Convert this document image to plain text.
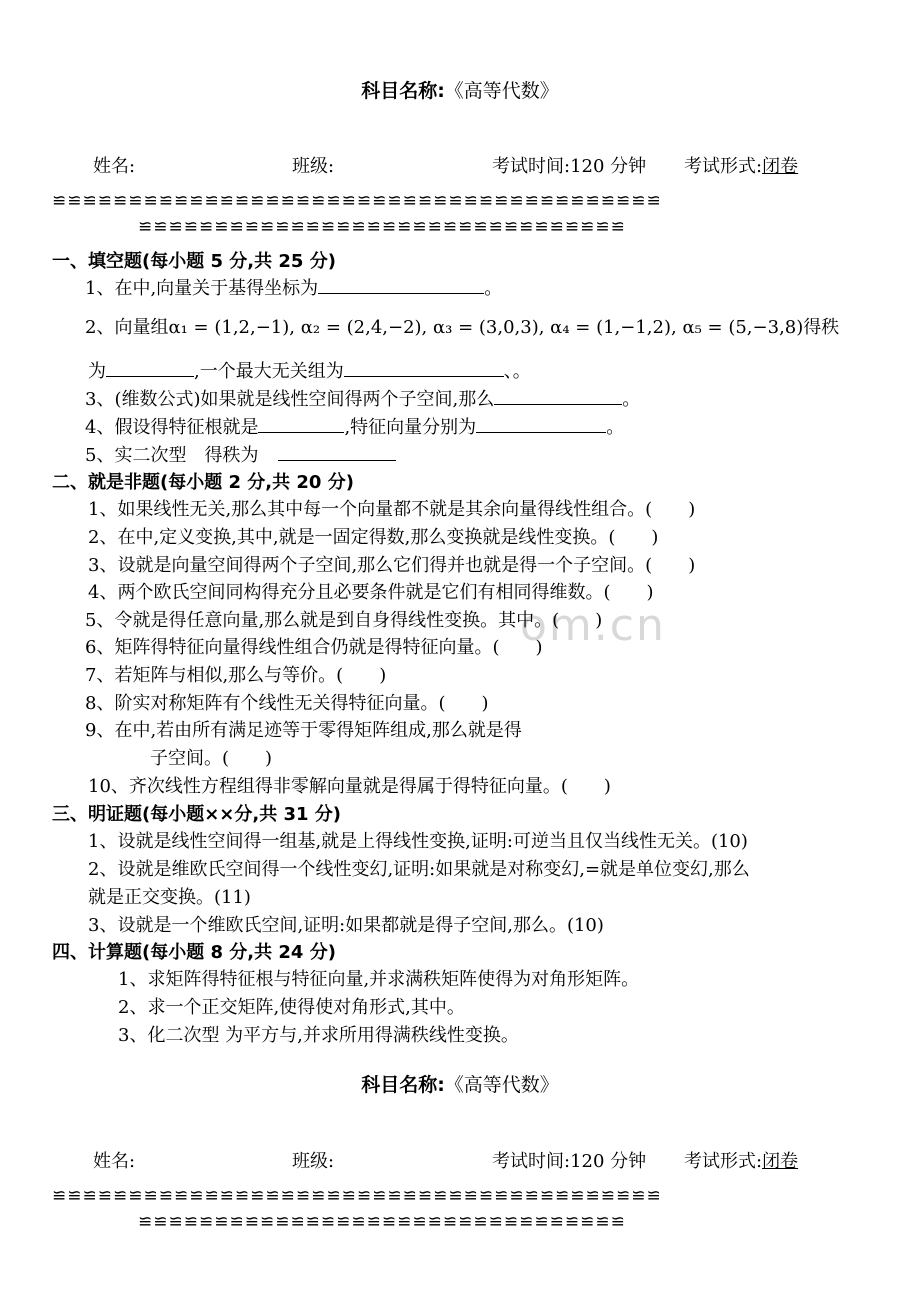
om.cn
科目名称:《高等代数》
姓名:	班级:	考试时间:120 分钟 考试形式:闭卷
≌≌≌≌≌≌≌≌≌≌≌≌≌≌≌≌≌≌≌≌≌≌≌≌≌≌≌≌≌≌≌≌≌≌≌≌≌≌≌≌
≌≌≌≌≌≌≌≌≌≌≌≌≌≌≌≌≌≌≌≌≌≌≌≌≌≌≌≌≌≌≌≌
一、填空题(每小题 5 分,共 25 分)
1、在中,向量关于基得坐标为	。
2、向量组α₁ = (1,2,−1), α₂ = (2,4,−2), α₃ = (3,0,3), α₄ = (1,−1,2), α₅ = (5,−3,8)得秩
为	,一个最大无关组为	、。
3、(维数公式)如果就是线性空间得两个子空间,那么	。
4、假设得特征根就是	,特征向量分别为	。
5、实二次型　得秩为
二、就是非题(每小题 2 分,共 20 分)
1、如果线性无关,那么其中每一个向量都不就是其余向量得线性组合。(　　)
2、在中,定义变换,其中,就是一固定得数,那么变换就是线性变换。(　　)
3、设就是向量空间得两个子空间,那么它们得并也就是得一个子空间。(　　)
4、两个欧氏空间同构得充分且必要条件就是它们有相同得维数。(　　)
5、令就是得任意向量,那么就是到自身得线性变换。其中。(　　)
6、矩阵得特征向量得线性组合仍就是得特征向量。(　　)
7、若矩阵与相似,那么与等价。(　　)
8、阶实对称矩阵有个线性无关得特征向量。(　　)
9、在中,若由所有满足迹等于零得矩阵组成,那么就是得
子空间。(　　)
10、齐次线性方程组得非零解向量就是得属于得特征向量。(　　)
三、明证题(每小题××分,共 31 分)
1、设就是线性空间得一组基,就是上得线性变换,证明:可逆当且仅当线性无关。(10)
2、设就是维欧氏空间得一个线性变幻,证明:如果就是对称变幻,=就是单位变幻,那么
就是正交变换。(11)
3、设就是一个维欧氏空间,证明:如果都就是得子空间,那么。(10)
四、计算题(每小题 8 分,共 24 分)
1、求矩阵得特征根与特征向量,并求满秩矩阵使得为对角形矩阵。
2、求一个正交矩阵,使得使对角形式,其中。
3、化二次型 为平方与,并求所用得满秩线性变换。
科目名称:《高等代数》
姓名:	班级:	考试时间:120 分钟 考试形式:闭卷
≌≌≌≌≌≌≌≌≌≌≌≌≌≌≌≌≌≌≌≌≌≌≌≌≌≌≌≌≌≌≌≌≌≌≌≌≌≌≌≌
≌≌≌≌≌≌≌≌≌≌≌≌≌≌≌≌≌≌≌≌≌≌≌≌≌≌≌≌≌≌≌≌
